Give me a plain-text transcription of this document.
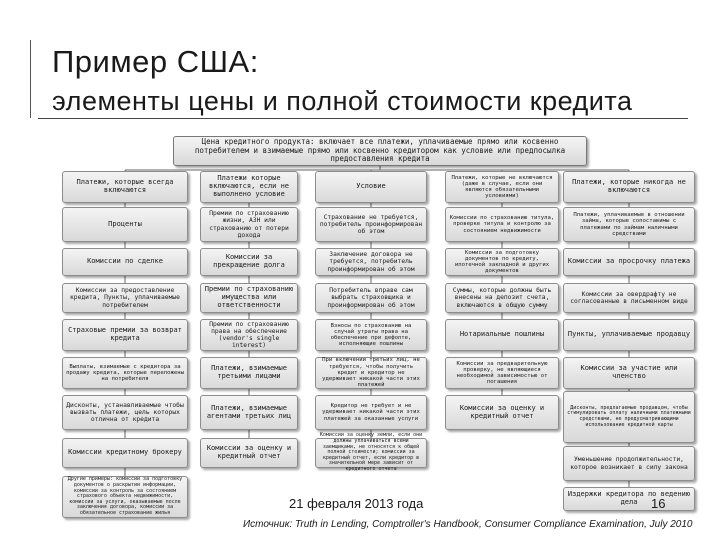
Пример США:
элементы цены и полной стоимости кредита
Цена кредитного продукта: включает все платежи, уплачиваемые прямо или косвенно потребителем и взимаемые прямо или косвенно кредитором как условие или предпосылка предоставления кредита
Платежи, которые всегда включаются
Проценты
Комиссии по сделке
Комиссии за предоставление кредита, Пункты, уплачиваемые потребителем
Страховые премии за возврат кредита
Выплаты, взимаемые с кредитора за продажу кредита, которые переложены на потребителя
Дисконты, устанавливаемые чтобы вызвать платежи, цель которых отлична от кредита
Комиссии кредитному брокеру
Другие примеры: комиссии за подготовку документов о раскрытии информации, комиссии за контроль за состоянием страхового объекта недвижимости, комиссии за услуги, оказываемые после заключения договора, комиссии за обязательное страхование жилья
Платежи которые включаются, если не выполнено условие
Премии по страхованию жизни, АЗН или страхованию от потери дохода
Комиссии за прекращение долга
Премии по страхованию имущества или ответственности
Премии по страхованию права на обеспечение (vendor's single interest)
Платежи, взимаемые третьими лицами
Платежи, взимаемые агентами третьих лиц
Комиссии за оценку и кредитный отчет
Условие
Страхование не требуется, потребитель проинформирован об этом
Заключение договора не требуется, потребитель проинформирован об этом
Потребитель вправе сам выбрать страховщика и проинформирован об этом
Взносы по страхованию на случай утраты права на обеспечение при дефолте, исполняющие пошлины
При включении третьих лиц, не требуется, чтобы получить кредит и кредитор не удерживает никакой части этих платежей
Кредитор не требует и не удерживает никакой части этих платежей за оказанные услуги
Комиссии за оценку земли, если они должны уплачиваться всеми заемщиками, не относятся к общей полной стоимости; комиссии за кредитный отчет, если кредитор в значительной мере зависит от кредитного отчета
Платежи, которые не включаются (даже в случае, если они являются обязательными условиями)
Комиссии по страхованию титула, проверке титула и контролю за состоянием недвижимости
Комиссии за подготовку документов по кредиту, ипотечной закладной и других документов
Суммы, которые должны быть внесены на депозит счета, включаются в общую сумму
Нотариальные пошлины
Комиссии за предварительную проверку, не являющиеся необходимой зависимостью от погашения
Комиссии за оценку и кредитный отчет
Платежи, которые никогда не включаются
Платежи, уплачиваемые в отношении займа, которые сопоставимы с платежами по займам наличными средствами
Комиссии за просрочку платежа
Комиссии за овердрафту не согласованные в письменном виде
Пункты, уплачиваемые продавцу
Комиссии за участие или членство
Дисконты, предлагаемые продавцом, чтобы стимулировать оплату наличными платежными средствами, не предусматривающими использование кредитной карты
Уменьшение продолжительности, которое возникает в силу закона
Издержки кредитора по ведению дела
21 февраля 2013 года	16
Источник: Truth in Lending, Comptroller's Handbook, Consumer Compliance Examination, July 2010
